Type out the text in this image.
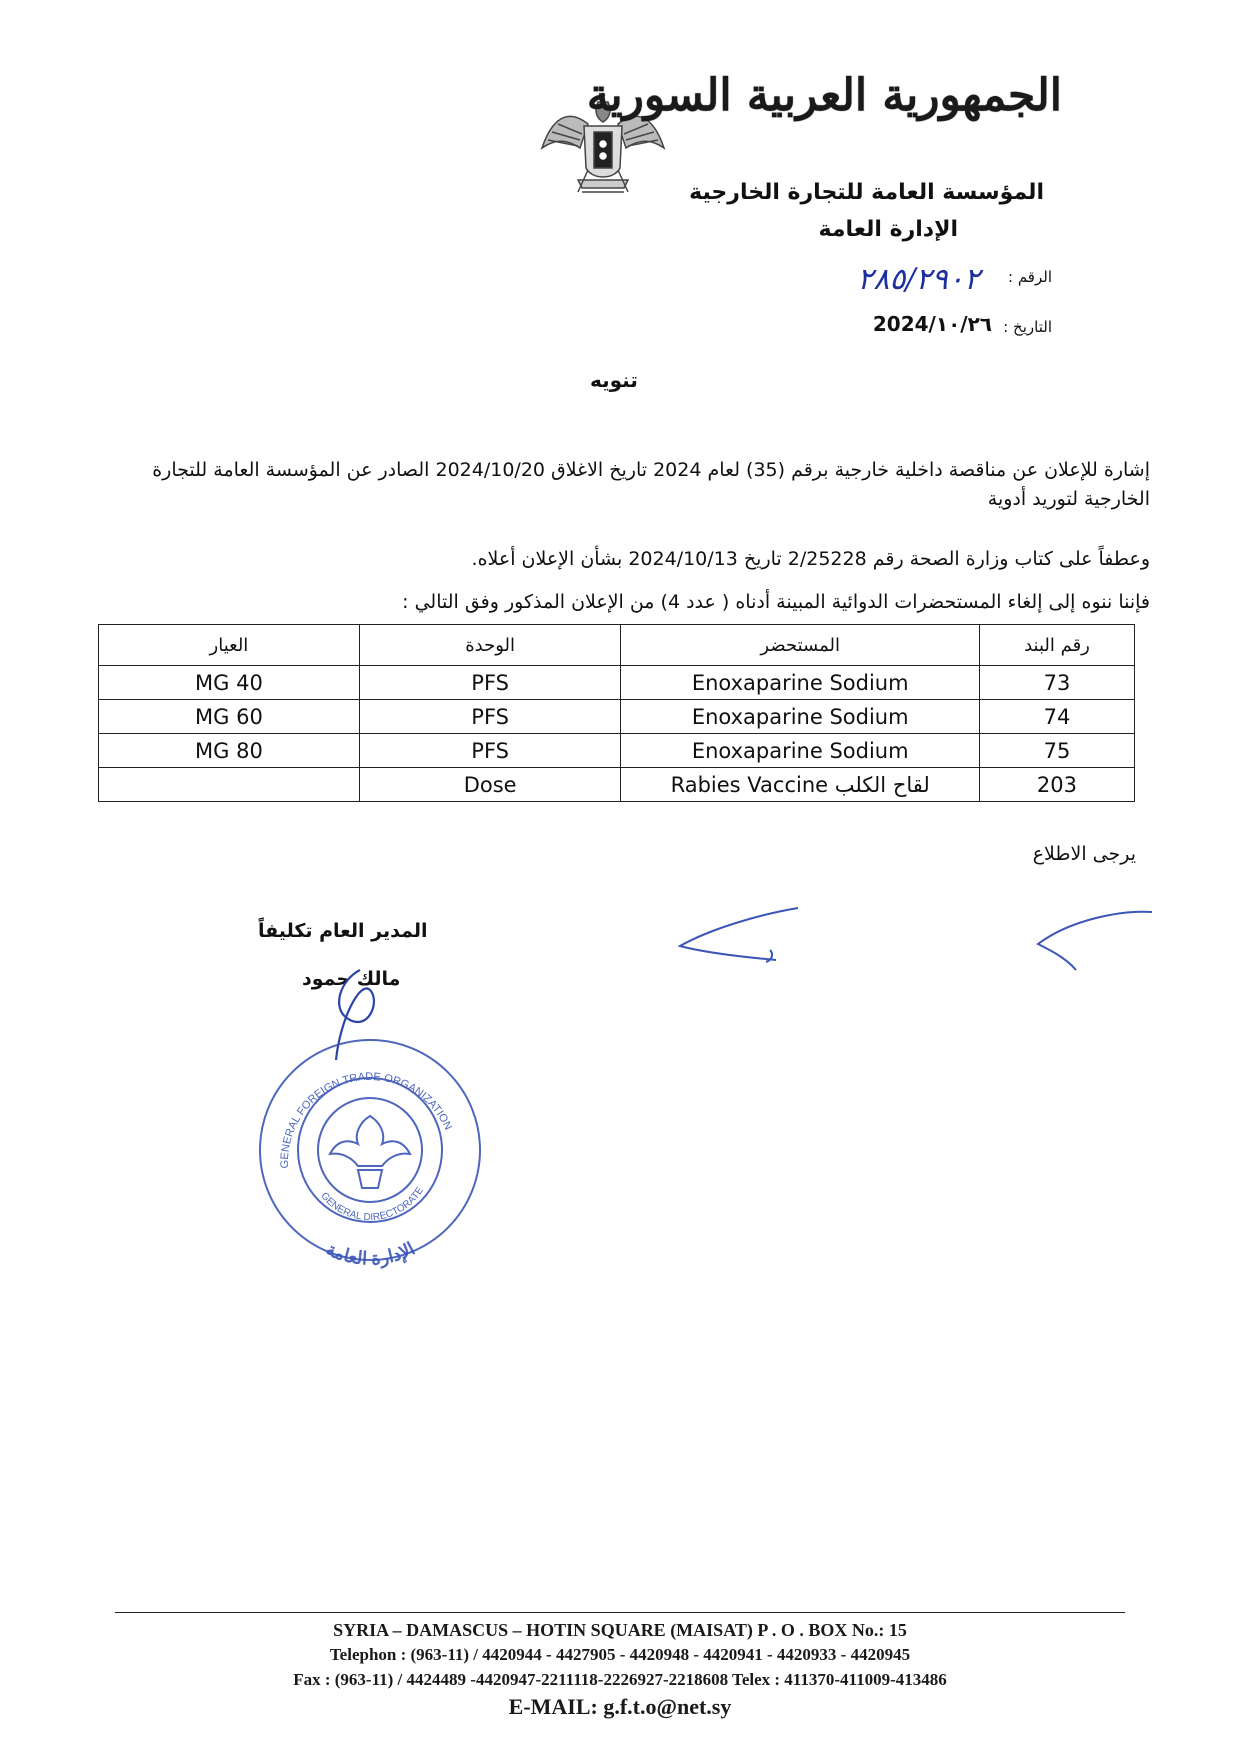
الجمهورية العربية السورية
المؤسسة العامة للتجارة الخارجية
الإدارة العامة
الرقم :
٢٨٥/٢٩٠٢
التاريخ :
2024/١٠/٢٦
تنويه
إشارة للإعلان عن مناقصة داخلية خارجية برقم (35) لعام 2024 تاريخ الاغلاق 2024/10/20 الصادر عن المؤسسة العامة للتجارة الخارجية لتوريد أدوية
وعطفاً على كتاب وزارة الصحة رقم 2/25228 تاريخ 2024/10/13 بشأن الإعلان أعلاه.
فإننا ننوه إلى إلغاء المستحضرات الدوائية المبينة أدناه ( عدد 4) من الإعلان المذكور وفق التالي :
رقم البند	المستحضر	الوحدة	العيار
73	Enoxaparine Sodium	PFS	40 MG
74	Enoxaparine Sodium	PFS	60 MG
75	Enoxaparine Sodium	PFS	80 MG
203	Rabies Vaccine لقاح الكلب	Dose	
يرجى الاطلاع
المدير العام تكليفاً
مالك حمود
GENERAL FOREIGN TRADE ORGANIZATION
GENERAL DIRECTORATE
الإدارة العامة
SYRIA – DAMASCUS – HOTIN SQUARE (MAISAT) P . O . BOX No.: 15
Telephon : (963-11) / 4420944 - 4427905 - 4420948 - 4420941 - 4420933 - 4420945
Fax : (963-11) / 4424489 -4420947-2211118-2226927-2218608 Telex : 411370-411009-413486
E-MAIL: g.f.t.o@net.sy
